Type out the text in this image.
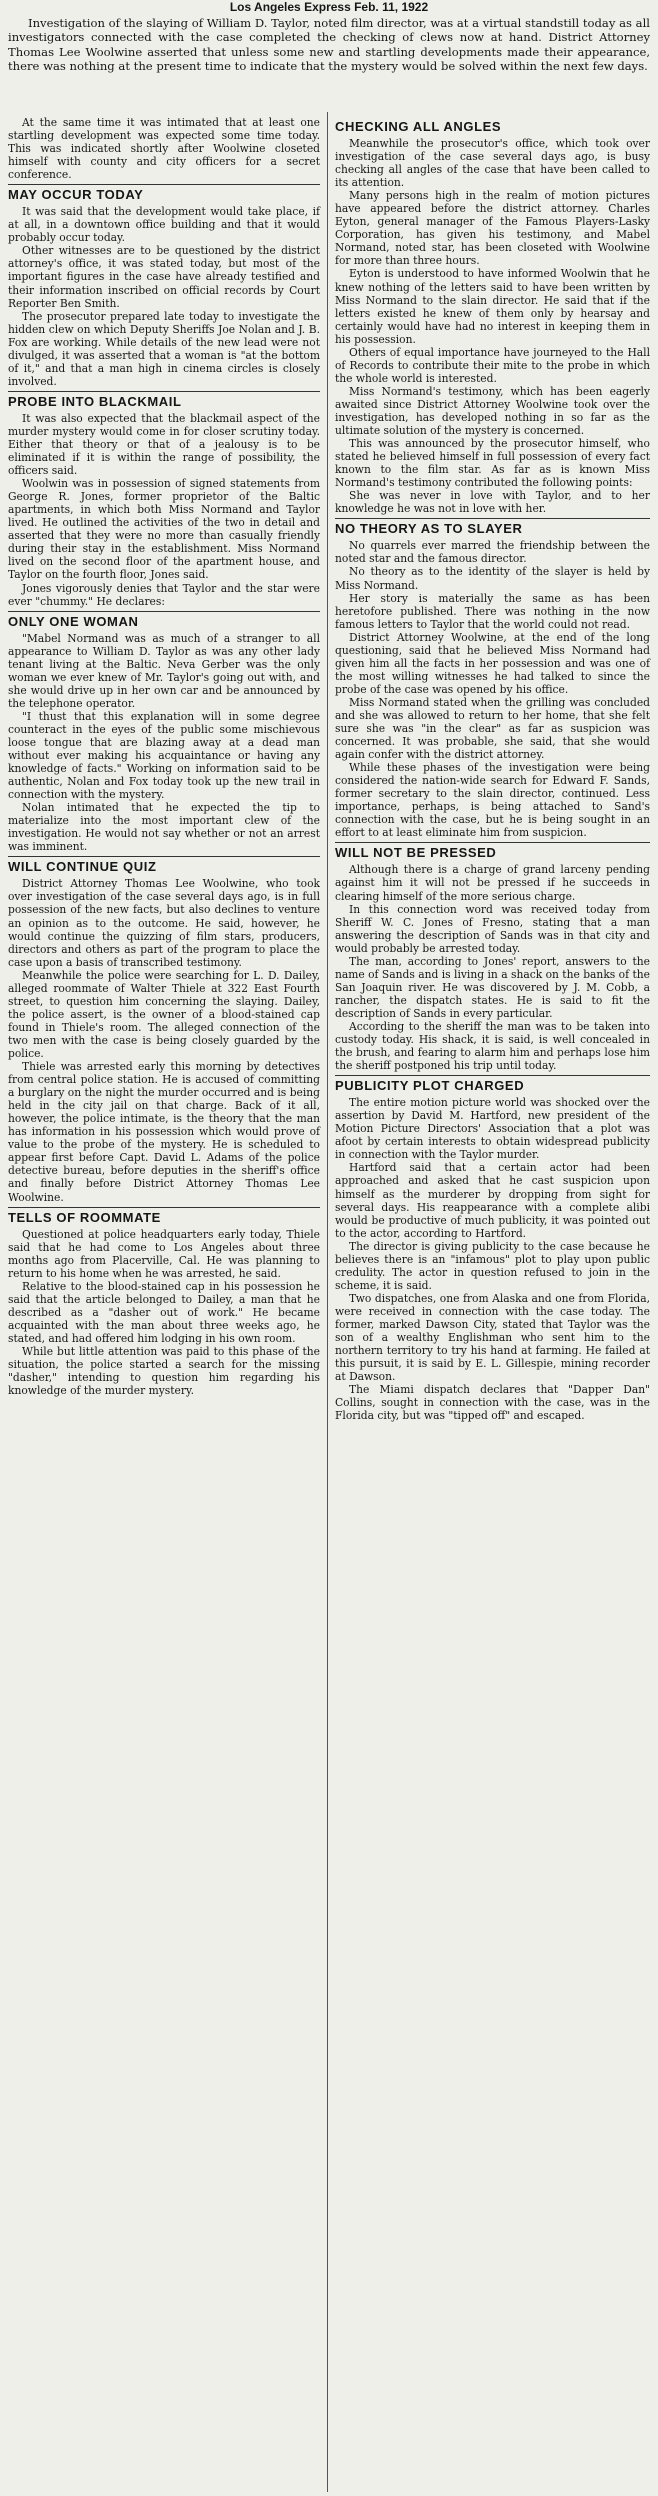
Los Angeles Express Feb. 11, 1922

Investigation of the slaying of William D. Taylor, noted film director, was at a virtual standstill today as all investigators connected with the case completed the checking of clews now at hand. District Attorney Thomas Lee Woolwine asserted that unless some new and startling developments made their appearance, there was nothing at the present time to indicate that the mystery would be solved within the next few days.

At the same time it was intimated that at least one startling development was expected some time today. This was indicated shortly after Woolwine closeted himself with county and city officers for a secret conference.

MAY OCCUR TODAY

It was said that the development would take place, if at all, in a downtown office building and that it would probably occur today.

Other witnesses are to be questioned by the district attorney's office, it was stated today, but most of the important figures in the case have already testified and their information inscribed on official records by Court Reporter Ben Smith.

The prosecutor prepared late today to investigate the hidden clew on which Deputy Sheriffs Joe Nolan and J. B. Fox are working. While details of the new lead were not divulged, it was asserted that a woman is "at the bottom of it," and that a man high in cinema circles is closely involved.

PROBE INTO BLACKMAIL

It was also expected that the blackmail aspect of the murder mystery would come in for closer scrutiny today. Either that theory or that of a jealousy is to be eliminated if it is within the range of possibility, the officers said.

Woolwin was in possession of signed statements from George R. Jones, former proprietor of the Baltic apartments, in which both Miss Normand and Taylor lived. He outlined the activities of the two in detail and asserted that they were no more than casually friendly during their stay in the establishment. Miss Normand lived on the second floor of the apartment house, and Taylor on the fourth floor, Jones said.

Jones vigorously denies that Taylor and the star were ever "chummy." He declares:

ONLY ONE WOMAN

"Mabel Normand was as much of a stranger to all appearance to William D. Taylor as was any other lady tenant living at the Baltic. Neva Gerber was the only woman we ever knew of Mr. Taylor's going out with, and she would drive up in her own car and be announced by the telephone operator.

"I thust that this explanation will in some degree counteract in the eyes of the public some mischievous loose tongue that are blazing away at a dead man without ever making his acquaintance or having any knowledge of facts." Working on information said to be authentic, Nolan and Fox today took up the new trail in connection with the mystery.

Nolan intimated that he expected the tip to materialize into the most important clew of the investigation. He would not say whether or not an arrest was imminent.

WILL CONTINUE QUIZ

District Attorney Thomas Lee Woolwine, who took over investigation of the case several days ago, is in full possession of the new facts, but also declines to venture an opinion as to the outcome. He said, however, he would continue the quizzing of film stars, producers, directors and others as part of the program to place the case upon a basis of transcribed testimony.

Meanwhile the police were searching for L. D. Dailey, alleged roommate of Walter Thiele at 322 East Fourth street, to question him concerning the slaying. Dailey, the police assert, is the owner of a blood-stained cap found in Thiele's room. The alleged connection of the two men with the case is being closely guarded by the police.

Thiele was arrested early this morning by detectives from central police station. He is accused of committing a burglary on the night the murder occurred and is being held in the city jail on that charge. Back of it all, however, the police intimate, is the theory that the man has information in his possession which would prove of value to the probe of the mystery. He is scheduled to appear first before Capt. David L. Adams of the police detective bureau, before deputies in the sheriff's office and finally before District Attorney Thomas Lee Woolwine.

TELLS OF ROOMMATE

Questioned at police headquarters early today, Thiele said that he had come to Los Angeles about three months ago from Placerville, Cal. He was planning to return to his home when he was arrested, he said.

Relative to the blood-stained cap in his possession he said that the article belonged to Dailey, a man that he described as a "dasher out of work." He became acquainted with the man about three weeks ago, he stated, and had offered him lodging in his own room.

While but little attention was paid to this phase of the situation, the police started a search for the missing "dasher," intending to question him regarding his knowledge of the murder mystery.

CHECKING ALL ANGLES

Meanwhile the prosecutor's office, which took over investigation of the case several days ago, is busy checking all angles of the case that have been called to its attention.

Many persons high in the realm of motion pictures have appeared before the district attorney. Charles Eyton, general manager of the Famous Players-Lasky Corporation, has given his testimony, and Mabel Normand, noted star, has been closeted with Woolwine for more than three hours.

Eyton is understood to have informed Woolwin that he knew nothing of the letters said to have been written by Miss Normand to the slain director. He said that if the letters existed he knew of them only by hearsay and certainly would have had no interest in keeping them in his possession.

Others of equal importance have journeyed to the Hall of Records to contribute their mite to the probe in which the whole world is interested.

Miss Normand's testimony, which has been eagerly awaited since District Attorney Woolwine took over the investigation, has developed nothing in so far as the ultimate solution of the mystery is concerned.

This was announced by the prosecutor himself, who stated he believed himself in full possession of every fact known to the film star. As far as is known Miss Normand's testimony contributed the following points:

She was never in love with Taylor, and to her knowledge he was not in love with her.

NO THEORY AS TO SLAYER

No quarrels ever marred the friendship between the noted star and the famous director.

No theory as to the identity of the slayer is held by Miss Normand.

Her story is materially the same as has been heretofore published. There was nothing in the now famous letters to Taylor that the world could not read.

District Attorney Woolwine, at the end of the long questioning, said that he believed Miss Normand had given him all the facts in her possession and was one of the most willing witnesses he had talked to since the probe of the case was opened by his office.

Miss Normand stated when the grilling was concluded and she was allowed to return to her home, that she felt sure she was "in the clear" as far as suspicion was concerned. It was probable, she said, that she would again confer with the district attorney.

While these phases of the investigation were being considered the nation-wide search for Edward F. Sands, former secretary to the slain director, continued. Less importance, perhaps, is being attached to Sand's connection with the case, but he is being sought in an effort to at least eliminate him from suspicion.

WILL NOT BE PRESSED

Although there is a charge of grand larceny pending against him it will not be pressed if he succeeds in clearing himself of the more serious charge.

In this connection word was received today from Sheriff W. C. Jones of Fresno, stating that a man answering the description of Sands was in that city and would probably be arrested today.

The man, according to Jones' report, answers to the name of Sands and is living in a shack on the banks of the San Joaquin river. He was discovered by J. M. Cobb, a rancher, the dispatch states. He is said to fit the description of Sands in every particular.

According to the sheriff the man was to be taken into custody today. His shack, it is said, is well concealed in the brush, and fearing to alarm him and perhaps lose him the sheriff postponed his trip until today.

PUBLICITY PLOT CHARGED

The entire motion picture world was shocked over the assertion by David M. Hartford, new president of the Motion Picture Directors' Association that a plot was afoot by certain interests to obtain widespread publicity in connection with the Taylor murder.

Hartford said that a certain actor had been approached and asked that he cast suspicion upon himself as the murderer by dropping from sight for several days. His reappearance with a complete alibi would be productive of much publicity, it was pointed out to the actor, according to Hartford.

The director is giving publicity to the case because he believes there is an "infamous" plot to play upon public credulity. The actor in question refused to join in the scheme, it is said.

Two dispatches, one from Alaska and one from Florida, were received in connection with the case today. The former, marked Dawson City, stated that Taylor was the son of a wealthy Englishman who sent him to the northern territory to try his hand at farming. He failed at this pursuit, it is said by E. L. Gillespie, mining recorder at Dawson.

The Miami dispatch declares that "Dapper Dan" Collins, sought in connection with the case, was in the Florida city, but was "tipped off" and escaped.
